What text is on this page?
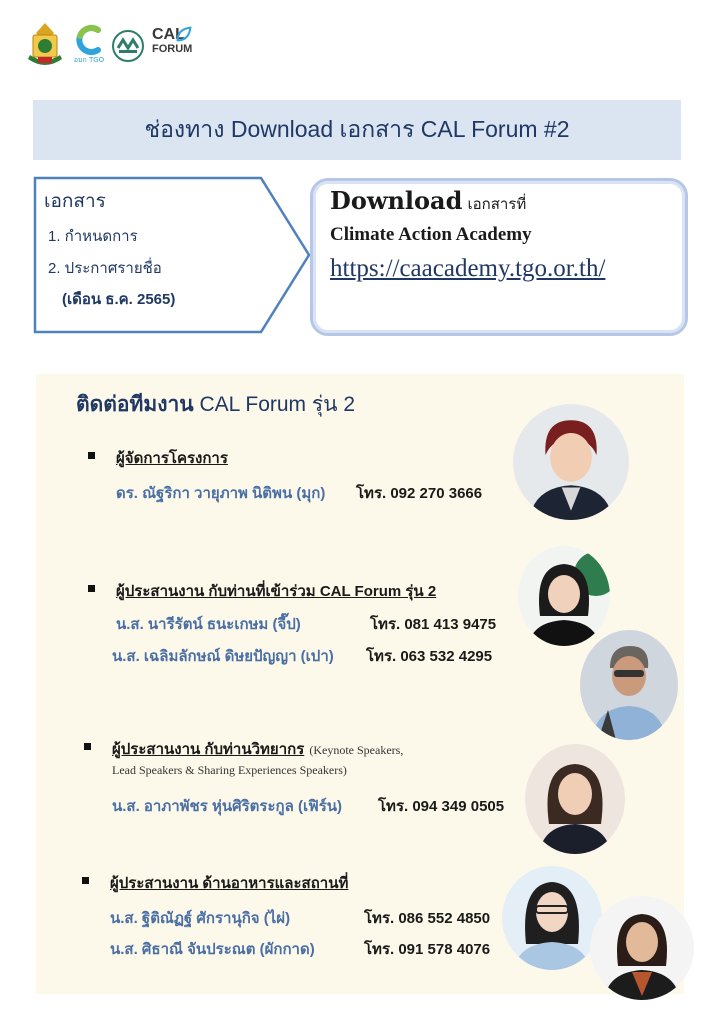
อบก TGO
CAL
FORUM
ช่องทาง Download เอกสาร CAL Forum #2
เอกสาร
1. กำหนดการ
2. ประกาศรายชื่อ
(เดือน ธ.ค. 2565)
Download เอกสารที่
Climate Action Academy
https://caacademy.tgo.or.th/
ติดต่อทีมงาน CAL Forum รุ่น 2
ผู้จัดการโครงการ
ดร. ณัฐริกา วายุภาพ นิติพน (มุก) โทร. 092 270 3666
ผู้ประสานงาน กับท่านที่เข้าร่วม CAL Forum รุ่น 2
น.ส. นารีรัตน์ ธนะเกษม (จี๊ป)	โทร. 081 413 9475
น.ส. เฉลิมลักษณ์ ดิษยปัญญา (เปา) โทร. 063 532 4295
ผู้ประสานงาน กับท่านวิทยากร (Keynote Speakers,
Lead Speakers & Sharing Experiences Speakers)
น.ส. อาภาพัชร หุ่นศิริตระกูล (เฟิร์น) โทร. 094 349 0505
ผู้ประสานงาน ด้านอาหารและสถานที่
น.ส. ฐิติณัฏฐ์ ศักรานุกิจ (ไผ่)	โทร. 086 552 4850
น.ส. ศิธาณี จันประณต (ผักกาด)	โทร. 091 578 4076
